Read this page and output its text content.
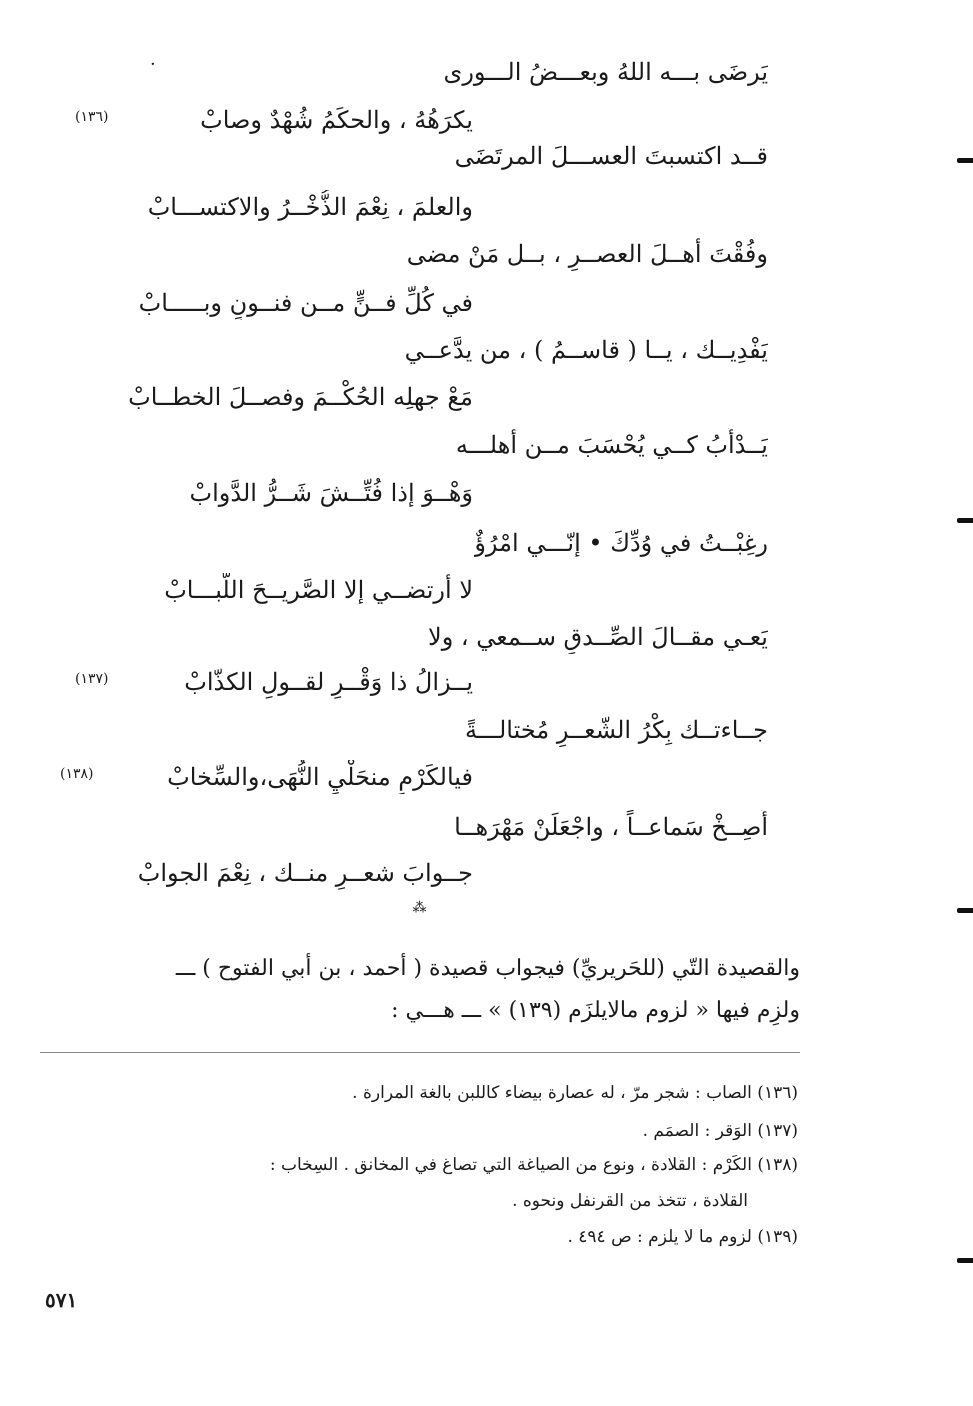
·	يَرضَى بـــه اللهُ وبعـــضُ الـــورى
يكرَهُهُ ، والحكَمُ شُهْدٌ وصابْ
(١٣٦)
قــد اكتسبتَ العســـلَ المرتَضَى
والعلمَ ، نِعْمَ الذُّخْــرُ والاكتســـابْ
وفُقْتَ أهــلَ العصــرِ ، بــل مَنْ مضى
في كُلِّ فــنٍّ مــن فنــونٍ وبـــــابْ
يَفْدِيــك ، يــا ( قاســمُ ) ، من يدَّعــي
مَعْ جهلِه الحُكْــمَ وفصــلَ الخطــابْ
يَــدْأَبُ كــي يُحْسَبَ مــن أهلـــه
وَهْــوَ إذا فُتِّــشَ شَــرُّ الدَّوابْ
رغِبْــتُ في وُدِّكَ • إنّـــي امْرُؤٌ
لا أرتضــي إلا الصَّريــحَ اللُّبـــابْ
يَعـي مقــالَ الصِّــدقِ ســمعي ، ولا
يــزالُ ذا وَقْــرٍ لقــولِ الكذّابْ
(١٣٧)
جــاءتــك بِكْرُ الشّعــرِ مُختالـــةً
فيالكَرْمِ منحَلْيِ النُّهَى،والسِّخابْ
(١٣٨)
أَصِــخْ سَماعــاً ، واجْعَلَنْ مَهْرَهــا
جــوابَ شعــرٍ منــك ، نِعْمَ الجوابْ
⁂
والقصيدة التّي (للحَريريِّ) فيجواب قصيدة ( أحمد ، بن أبي الفتوح ) ـــ
ولزِم فيها « لزوم مالايلزَم (١٣٩) » ـــ هـــي :
(١٣٦) الصاب : شجر مرّ ، له عصارة بيضاء كاللبن بالغة المرارة .
(١٣٧) الوَقر : الصمَم .
(١٣٨) الكَرْم : القلادة ، ونوع من الصياغة التي تصاغ في المخانق . السِخاب :
القلادة ، تتخذ من القرنفل ونحوه .
(١٣٩) لزوم ما لا يلزم : ص ٤٩٤ .
٥٧١
